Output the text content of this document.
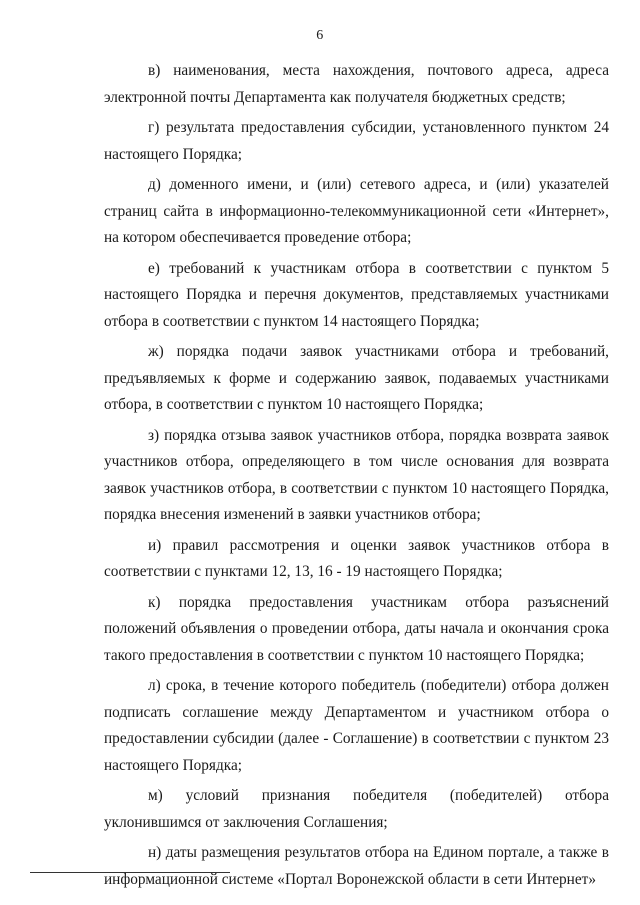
6

в) наименования, места нахождения, почтового адреса, адреса электронной почты Департамента как получателя бюджетных средств;

г) результата предоставления субсидии, установленного пунктом 24 настоящего Порядка;

д) доменного имени, и (или) сетевого адреса, и (или) указателей страниц сайта в информационно-телекоммуникационной сети «Интернет», на котором обеспечивается проведение отбора;

е) требований к участникам отбора в соответствии с пунктом 5 настоящего Порядка и перечня документов, представляемых участниками отбора в соответствии с пунктом 14 настоящего Порядка;

ж) порядка подачи заявок участниками отбора и требований, предъявляемых к форме и содержанию заявок, подаваемых участниками отбора, в соответствии с пунктом 10 настоящего Порядка;

з) порядка отзыва заявок участников отбора, порядка возврата заявок участников отбора, определяющего в том числе основания для возврата заявок участников отбора, в соответствии с пунктом 10 настоящего Порядка, порядка внесения изменений в заявки участников отбора;

и) правил рассмотрения и оценки заявок участников отбора в соответствии с пунктами 12, 13, 16 - 19 настоящего Порядка;

к) порядка предоставления участникам отбора разъяснений положений объявления о проведении отбора, даты начала и окончания срока такого предоставления в соответствии с пунктом 10 настоящего Порядка;

л) срока, в течение которого победитель (победители) отбора должен подписать соглашение между Департаментом и участником отбора о предоставлении субсидии (далее - Соглашение) в соответствии с пунктом 23 настоящего Порядка;

м) условий признания победителя (победителей) отбора уклонившимся от заключения Соглашения;

н) даты размещения результатов отбора на Едином портале, а также в информационной системе «Портал Воронежской области в сети Интернет»
